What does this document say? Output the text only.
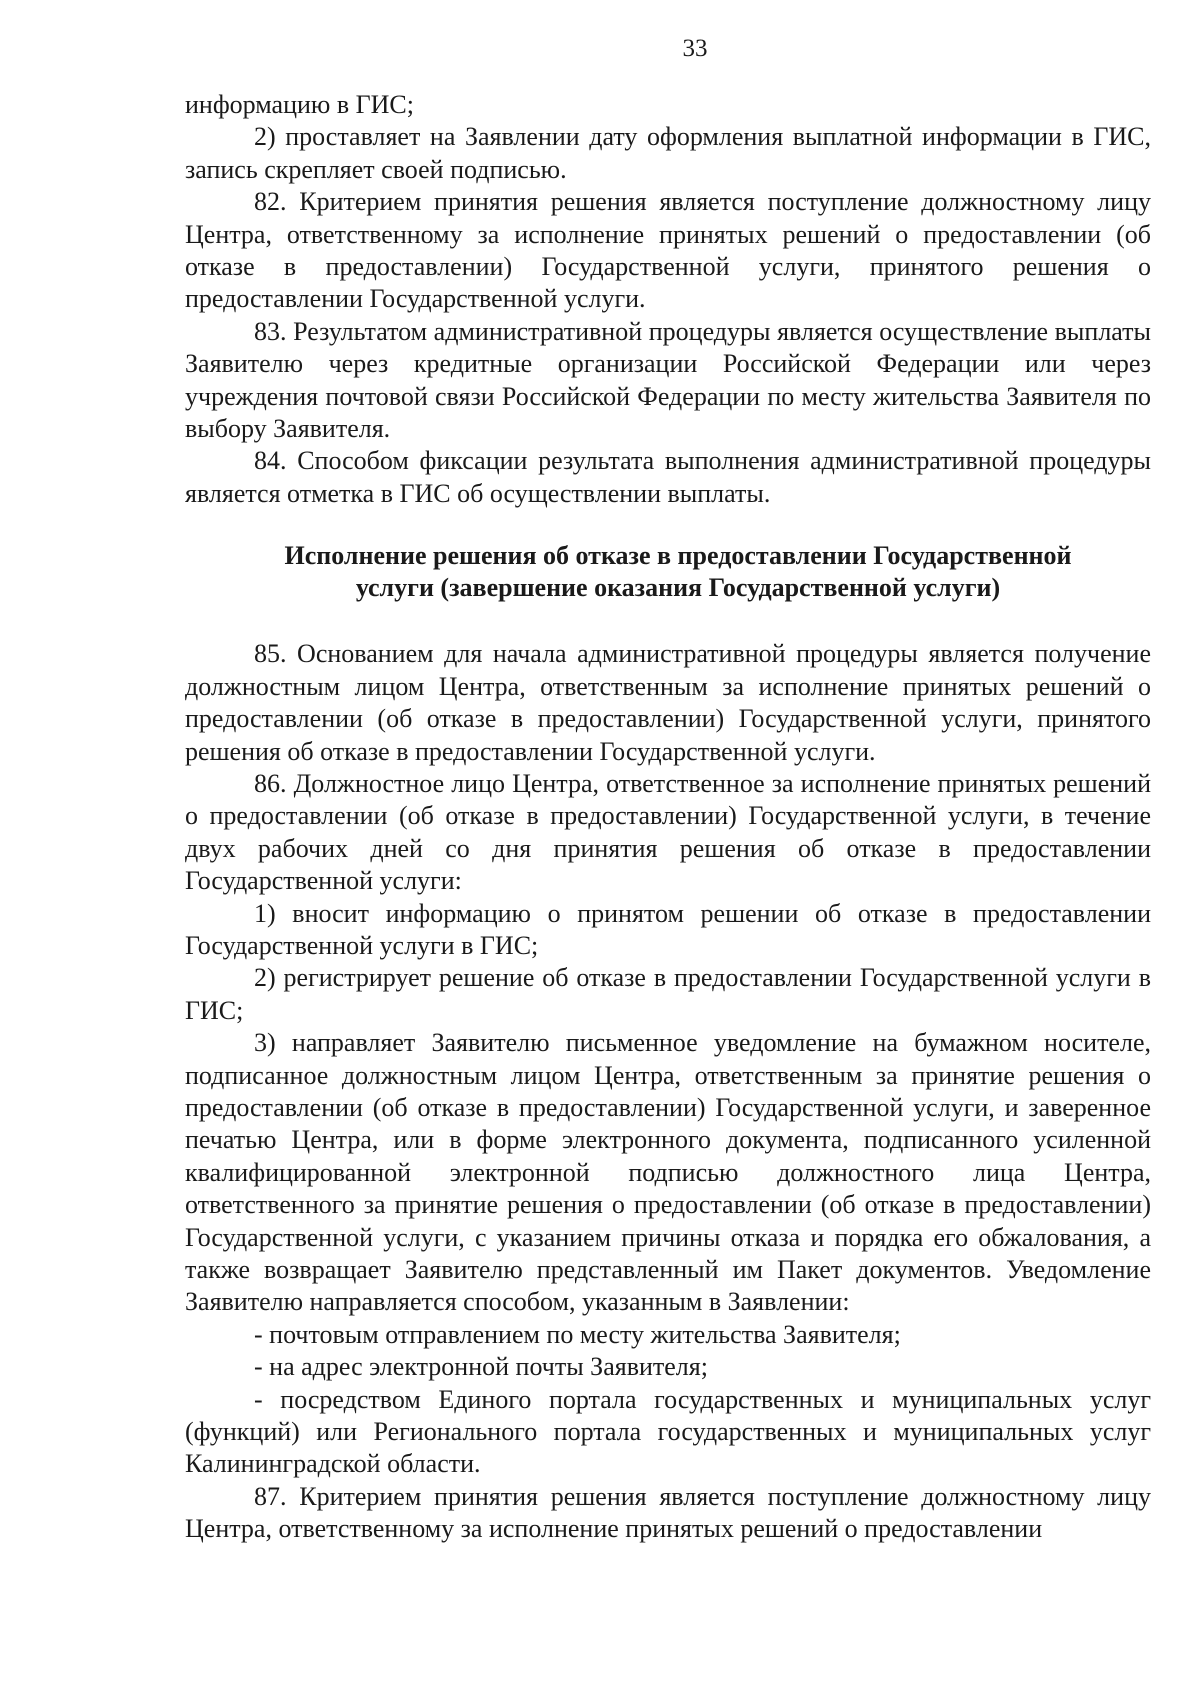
33

информацию в ГИС;

2) проставляет на Заявлении дату оформления выплатной информации в ГИС, запись скрепляет своей подписью.

82. Критерием принятия решения является поступление должностному лицу Центра, ответственному за исполнение принятых решений о предоставлении (об отказе в предоставлении) Государственной услуги, принятого решения о предоставлении Государственной услуги.

83. Результатом административной процедуры является осуществление выплаты Заявителю через кредитные организации Российской Федерации или через учреждения почтовой связи Российской Федерации по месту жительства Заявителя по выбору Заявителя.

84. Способом фиксации результата выполнения административной процедуры является отметка в ГИС об осуществлении выплаты.

Исполнение решения об отказе в предоставлении Государственной
услуги (завершение оказания Государственной услуги)

85. Основанием для начала административной процедуры является получение должностным лицом Центра, ответственным за исполнение принятых решений о предоставлении (об отказе в предоставлении) Государственной услуги, принятого решения об отказе в предоставлении Государственной услуги.

86. Должностное лицо Центра, ответственное за исполнение принятых решений о предоставлении (об отказе в предоставлении) Государственной услуги, в течение двух рабочих дней со дня принятия решения об отказе в предоставлении Государственной услуги:

1) вносит информацию о принятом решении об отказе в предоставлении Государственной услуги в ГИС;

2) регистрирует решение об отказе в предоставлении Государственной услуги в ГИС;

3) направляет Заявителю письменное уведомление на бумажном носителе, подписанное должностным лицом Центра, ответственным за принятие решения о предоставлении (об отказе в предоставлении) Государственной услуги, и заверенное печатью Центра, или в форме электронного документа, подписанного усиленной квалифицированной электронной подписью должностного лица Центра, ответственного за принятие решения о предоставлении (об отказе в предоставлении) Государственной услуги, с указанием причины отказа и порядка его обжалования, а также возвращает Заявителю представленный им Пакет документов. Уведомление Заявителю направляется способом, указанным в Заявлении:

- почтовым отправлением по месту жительства Заявителя;

- на адрес электронной почты Заявителя;

- посредством Единого портала государственных и муниципальных услуг (функций) или Регионального портала государственных и муниципальных услуг Калининградской области.

87. Критерием принятия решения является поступление должностному лицу Центра, ответственному за исполнение принятых решений о предоставлении
